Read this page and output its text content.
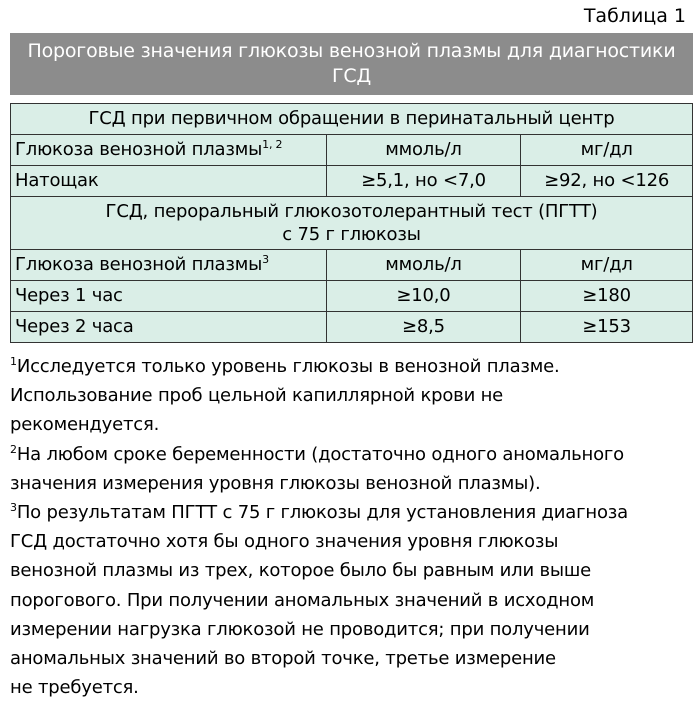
Таблица 1
Пороговые значения глюкозы венозной плазмы для диагностики
ГСД
ГСД при первичном обращении в перинатальный центр		
Глюкоза венозной плазмы$^{1, 2}$	ммоль/л	мг/дл
Натощак	≥5,1, но <7,0	≥92, но <126

ГСД, пероральный глюкозотолерантный тест (ПГТТ)
с 75 г глюкозы		

Глюкоза венозной плазмы$^3$	ммоль/л	мг/дл
Через 1 час	≥10,0	≥180
Через 2 часа	≥8,5	≥153

$^1$Исследуется только уровень глюкозы в венозной плазме.

Использование проб цельной капиллярной крови не

рекомендуется.

$^2$На любом сроке беременности (достаточно одного аномального

значения измерения уровня глюкозы венозной плазмы).

$^3$По результатам ПГТТ с 75 г глюкозы для установления диагноза

ГСД достаточно хотя бы одного значения уровня глюкозы

венозной плазмы из трех, которое было бы равным или выше

порогового. При получении аномальных значений в исходном

измерении нагрузка глюкозой не проводится; при получении

аномальных значений во второй точке, третье измерение

не требуется.
